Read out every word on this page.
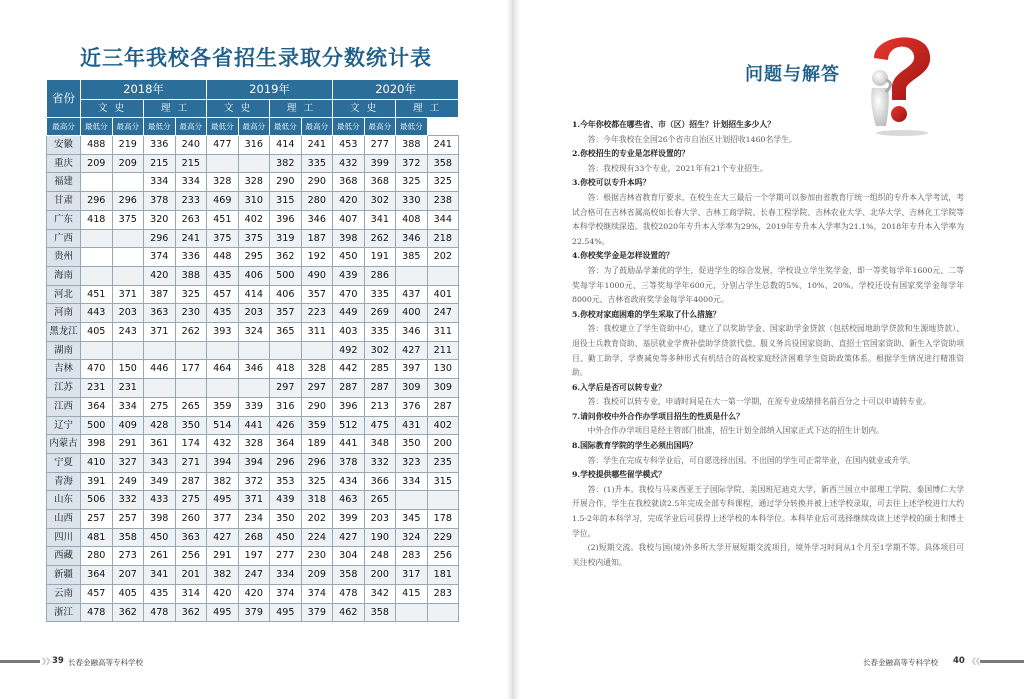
近三年我校各省招生录取分数统计表
省份	2018年				2019年				2020年			
	文 史		理 工		文 史		理 工		文 史		理 工	
最高分	最低分	最高分	最低分	最高分	最低分	最高分	最低分	最高分	最低分	最高分	最低分	
安徽	488	219	336	240	477	316	414	241	453	277	388	241
重庆	209	209	215	215			382	335	432	399	372	358
福建			334	334	328	328	290	290	368	368	325	325
甘肃	296	296	378	233	469	310	315	280	420	302	330	238
广东	418	375	320	263	451	402	396	346	407	341	408	344
广西			296	241	375	375	319	187	398	262	346	218
贵州			374	336	448	295	362	192	450	191	385	202
海南			420	388	435	406	500	490	439	286		
河北	451	371	387	325	457	414	406	357	470	335	437	401
河南	443	203	363	230	435	203	357	223	449	269	400	247
黑龙江	405	243	371	262	393	324	365	311	403	335	346	311
湖南									492	302	427	211
吉林	470	150	446	177	464	346	418	328	442	285	397	130
江苏	231	231					297	297	287	287	309	309
江西	364	334	275	265	359	339	316	290	396	213	376	287
辽宁	500	409	428	350	514	441	426	359	512	475	431	402
内蒙古	398	291	361	174	432	328	364	189	441	348	350	200
宁夏	410	327	343	271	394	394	296	296	378	332	323	235
青海	391	249	349	287	382	372	353	325	434	366	334	315
山东	506	332	433	275	495	371	439	318	463	265		
山西	257	257	398	260	377	234	350	202	399	203	345	178
四川	481	358	450	363	427	268	450	224	427	190	324	229
西藏	280	273	261	256	291	197	277	230	304	248	283	256
新疆	364	207	341	201	382	247	334	209	358	200	317	181
云南	457	405	435	314	420	420	374	374	478	342	415	283
浙江	478	362	478	362	495	379	495	379	462	358		
》》
39 长春金融高等专科学校
问题与解答

1.今年你校都在哪些省、市（区）招生？计划招生多少人？

答：今年我校在全国26个省市自治区计划招收1460名学生。

2.你校招生的专业是怎样设置的？

答：我校现有33个专业，2021年有21个专业招生。

3.你校可以专升本吗？

答：根据吉林省教育厅要求，在校生在大三最后一个学期可以参加由省教育厅统一组织的专升本入学考试，考试合格可在吉林省属高校如长春大学、吉林工商学院、长春工程学院、吉林农业大学、北华大学、吉林化工学院等本科学校继续深造。我校2020年专升本入学率为29%，2019年专升本入学率为21.1%，2018年专升本入学率为22.54%。

4.你校奖学金是怎样设置的？

答：为了鼓励品学兼优的学生，促进学生的综合发展，学校设立学生奖学金，即一等奖每学年1600元、二等奖每学年1000元、三等奖每学年600元，分别占学生总数的5%、10%、20%。学校还设有国家奖学金每学年8000元、吉林省政府奖学金每学年4000元。

5.你校对家庭困难的学生采取了什么措施？

答：我校建立了学生资助中心，建立了以奖助学金、国家助学金贷款（包括校园地助学贷款和生源地贷款）、退役士兵教育资助、基层就业学费补偿助学贷款代偿、服义务兵役国家资助、直招士官国家资助、新生入学资助项目、勤工助学、学费减免等多种形式有机结合的高校家庭经济困难学生资助政策体系。根据学生情况进行精准资助。

6.入学后是否可以转专业？

答：我校可以转专业，申请时间是在大一第一学期，在原专业成绩排名前百分之十可以申请转专业。

7.请问你校中外合作办学项目招生的性质是什么？

中外合作办学项目是经主管部门批准，招生计划全部纳入国家正式下达的招生计划内。

8.国际教育学院的学生必须出国吗？

答：学生在完成专科学业后，可自愿选择出国。不出国的学生可正常毕业，在国内就业或升学。

9.学校提供哪些留学模式？

答：(1)升本。我校与马来西亚王子国际学院、美国班尼迪克大学，新西兰国立中部理工学院、泰国博仁大学开展合作，学生在我校就读2.5年完成全部专科课程，通过学分转换并被上述学校录取，可去往上述学校进行大约1.5-2年的本科学习，完成学业后可获得上述学校的本科学位。本科毕业后可选择继续攻读上述学校的硕士和博士学位。

(2)短期交流。我校与国(境)外多所大学开展短期交流项目，境外学习时间从1个月至1学期不等。具体项目可关注校内通知。

长春金融高等专科学校 40 《《
